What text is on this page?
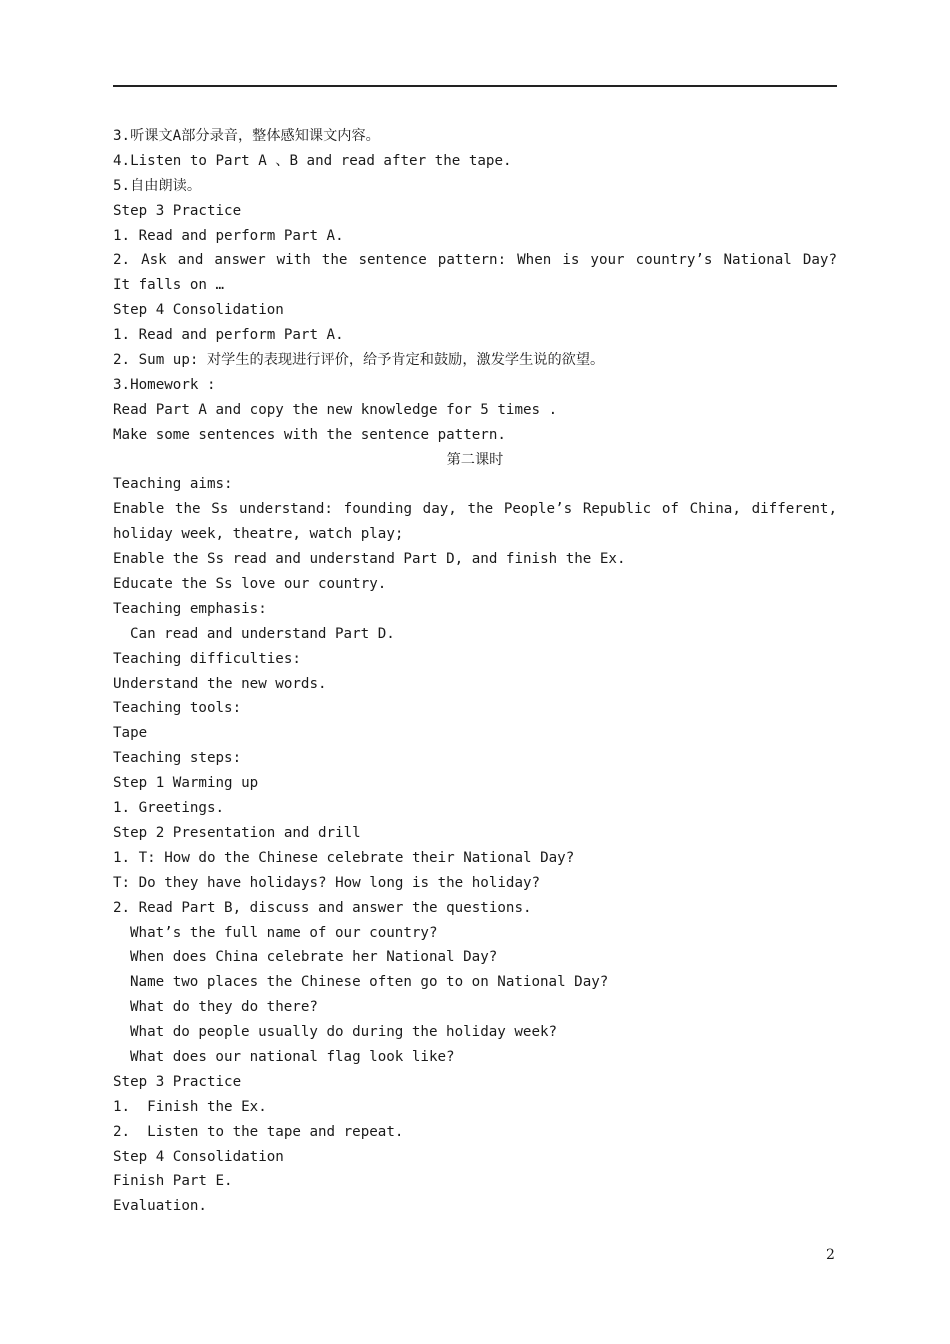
3.听课文A部分录音，整体感知课文内容。
4.Listen to Part A 、B and read after the tape.
5.自由朗读。
Step 3 Practice
1. Read and perform Part A.
2. Ask and answer with the sentence pattern: When is your country’s National Day?
It falls on …
Step 4 Consolidation
1. Read and perform Part A.
2. Sum up: 对学生的表现进行评价，给予肯定和鼓励，激发学生说的欲望。
3.Homework :
Read Part A and copy the new knowledge for 5 times .
Make some sentences with the sentence pattern.
第二课时
Teaching aims:
Enable the Ss understand: founding day, the People’s Republic of China, different,
holiday week, theatre, watch play;
Enable the Ss read and understand Part D, and finish the Ex.
Educate the Ss love our country.
Teaching emphasis:
Can read and understand Part D.
Teaching difficulties:
Understand the new words.
Teaching tools:
Tape
Teaching steps:
Step 1 Warming up
1. Greetings.
Step 2 Presentation and drill
1. T: How do the Chinese celebrate their National Day?
T: Do they have holidays? How long is the holiday?
2. Read Part B, discuss and answer the questions.
What’s the full name of our country?
When does China celebrate her National Day?
Name two places the Chinese often go to on National Day?
What do they do there?
What do people usually do during the holiday week?
What does our national flag look like?
Step 3 Practice
1.  Finish the Ex.
2.  Listen to the tape and repeat.
Step 4 Consolidation
Finish Part E.
Evaluation.
2
